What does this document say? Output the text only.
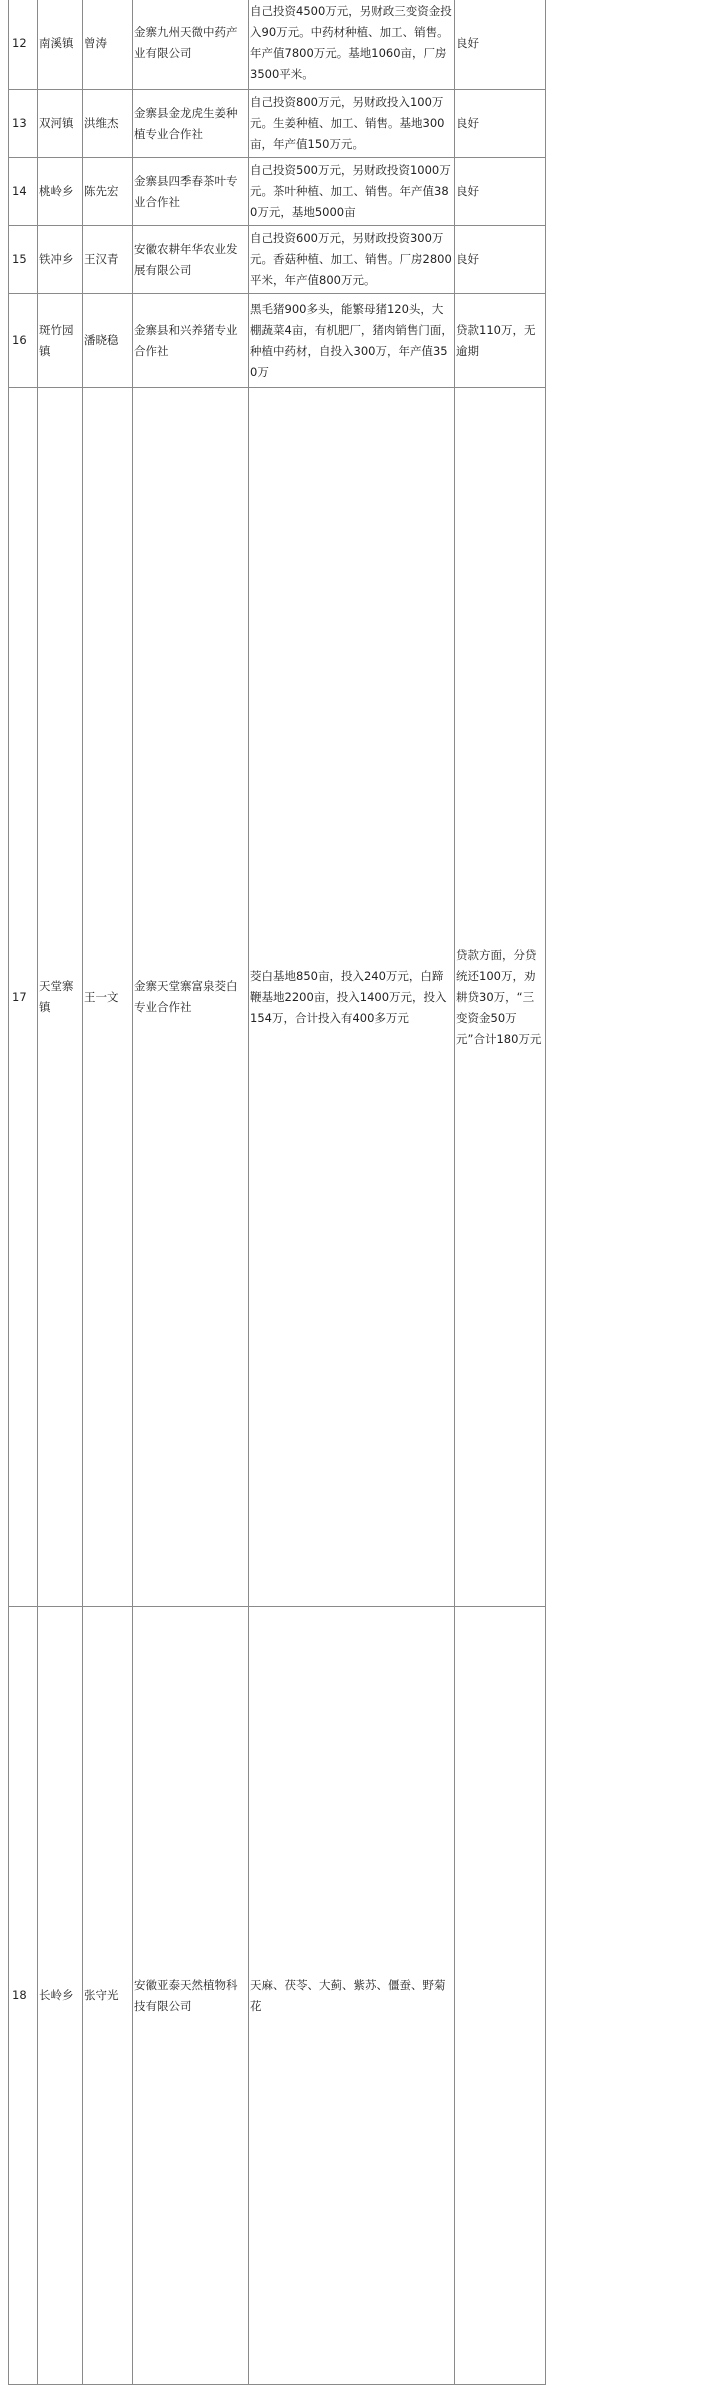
12	南溪镇	曾涛	金寨九州天微中药产业有限公司	自己投资4500万元，另财政三变资金投入90万元。中药材种植、加工、销售。年产值7800万元。基地1060亩，厂房3500平米。	良好	
13	双河镇	洪维杰	金寨县金龙虎生姜种植专业合作社	自己投资800万元，另财政投入100万元。生姜种植、加工、销售。基地300亩，年产值150万元。	良好	
14	桃岭乡	陈先宏	金寨县四季春茶叶专业合作社	自己投资500万元，另财政投资1000万元。茶叶种植、加工、销售。年产值380万元，基地5000亩	良好	
15	铁冲乡	王汉青	安徽农耕年华农业发展有限公司	自己投资600万元，另财政投资300万元。香菇种植、加工、销售。厂房2800平米，年产值800万元。	良好	
16	斑竹园镇	潘晓稳	金寨县和兴养猪专业合作社	黑毛猪900多头，能繁母猪120头，大棚蔬菜4亩，有机肥厂，猪肉销售门面，种植中药材，自投入300万，年产值350万	贷款110万，无逾期	
17	天堂寨镇	王一文	金寨天堂寨富泉茭白专业合作社	茭白基地850亩，投入240万元，白蹄鞭基地2200亩，投入1400万元，投入154万，合计投入有400多万元	贷款方面，分贷统还100万，劝耕贷30万，“三变资金50万元”合计180万元	
18	长岭乡	张守光	安徽亚泰天然植物科技有限公司	天麻、茯苓、大蓟、紫苏、僵蚕、野菊花		
